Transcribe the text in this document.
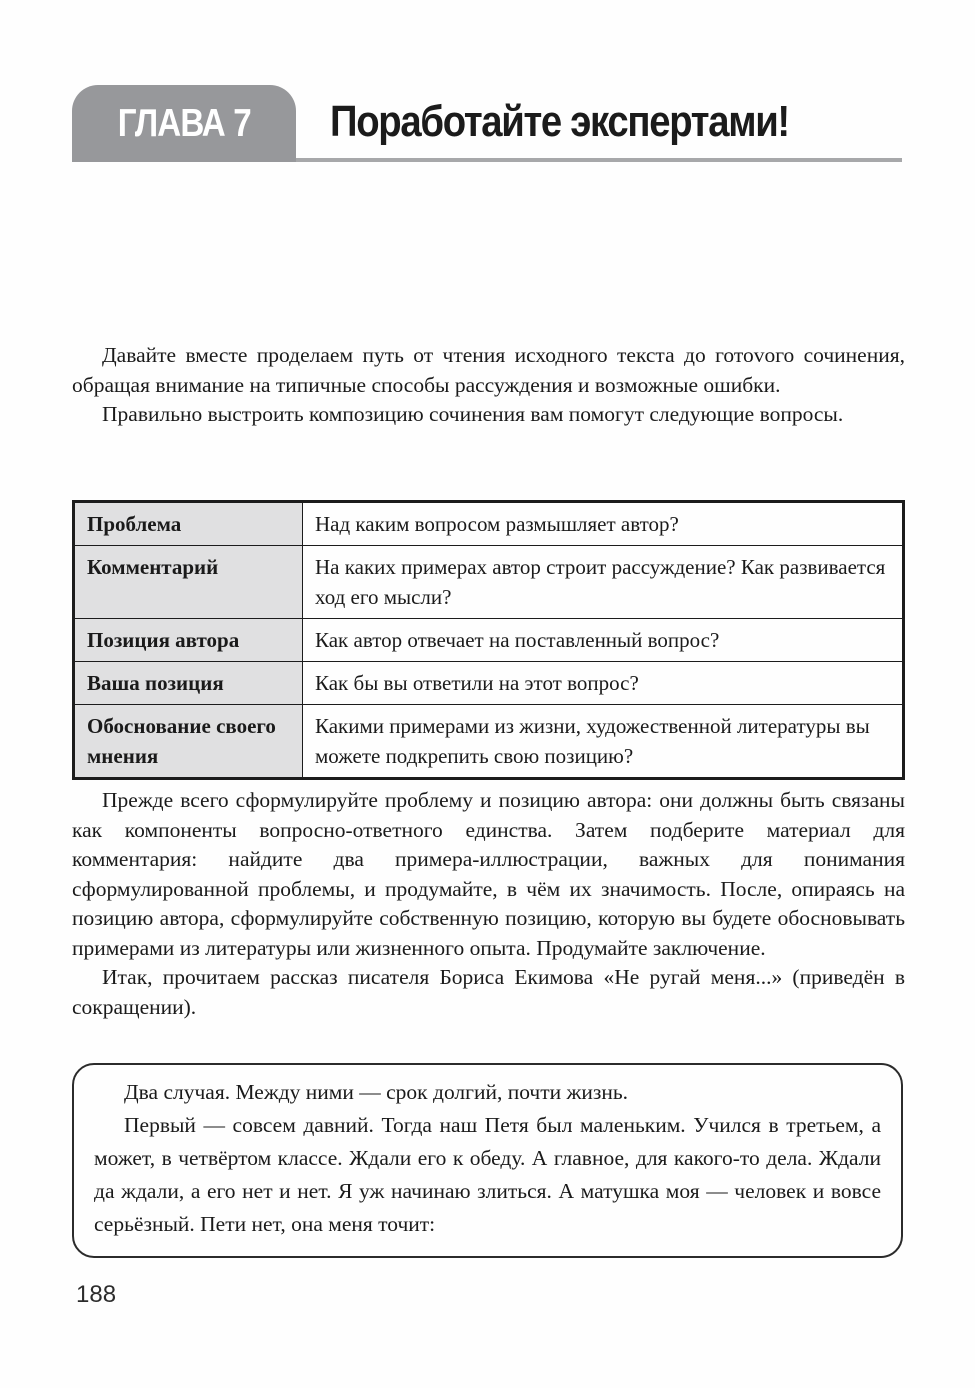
ГЛАВА 7 Поработайте экспертами!

Давайте вместе проделаем путь от чтения исходного текста до готоvого сочинения, обращая внимание на типичные способы рассуждения и возможные ошибки.

Правильно выстроить композицию сочинения вам помогут следующие вопросы.

Проблема	Над каким вопросом размышляет автор?
Комментарий	На каких примерах автор строит рассуждение? Как развивается ход его мысли?
Позиция автора	Как автор отвечает на поставленный вопрос?
Ваша позиция	Как бы вы ответили на этот вопрос?
Обоснование своего мнения	Какими примерами из жизни, художественной литературы вы можете подкрепить свою позицию?

Прежде всего сформулируйте проблему и позицию автора: они должны быть связаны как компоненты вопросно-ответного единства. Затем подберите материал для комментария: найдите два примера-иллюстрации, важных для понимания сформулированной проблемы, и продумайте, в чём их значимость. После, опираясь на позицию автора, сформулируйте собственную позицию, которую вы будете обосновывать примерами из литературы или жизненного опыта. Продумайте заключение.

Итак, прочитаем рассказ писателя Бориса Екимова «Не ругай меня...» (приведён в сокращении).

Два случая. Между ними — срок долгий, почти жизнь.

Первый — совсем давний. Тогда наш Петя был маленьким. Учился в третьем, а может, в четвёртом классе. Ждали его к обеду. А главное, для какого-то дела. Ждали да ждали, а его нет и нет. Я уж начинаю злиться. А матушка моя — человек и вовсе серьёзный. Пети нет, она меня точит:

188
